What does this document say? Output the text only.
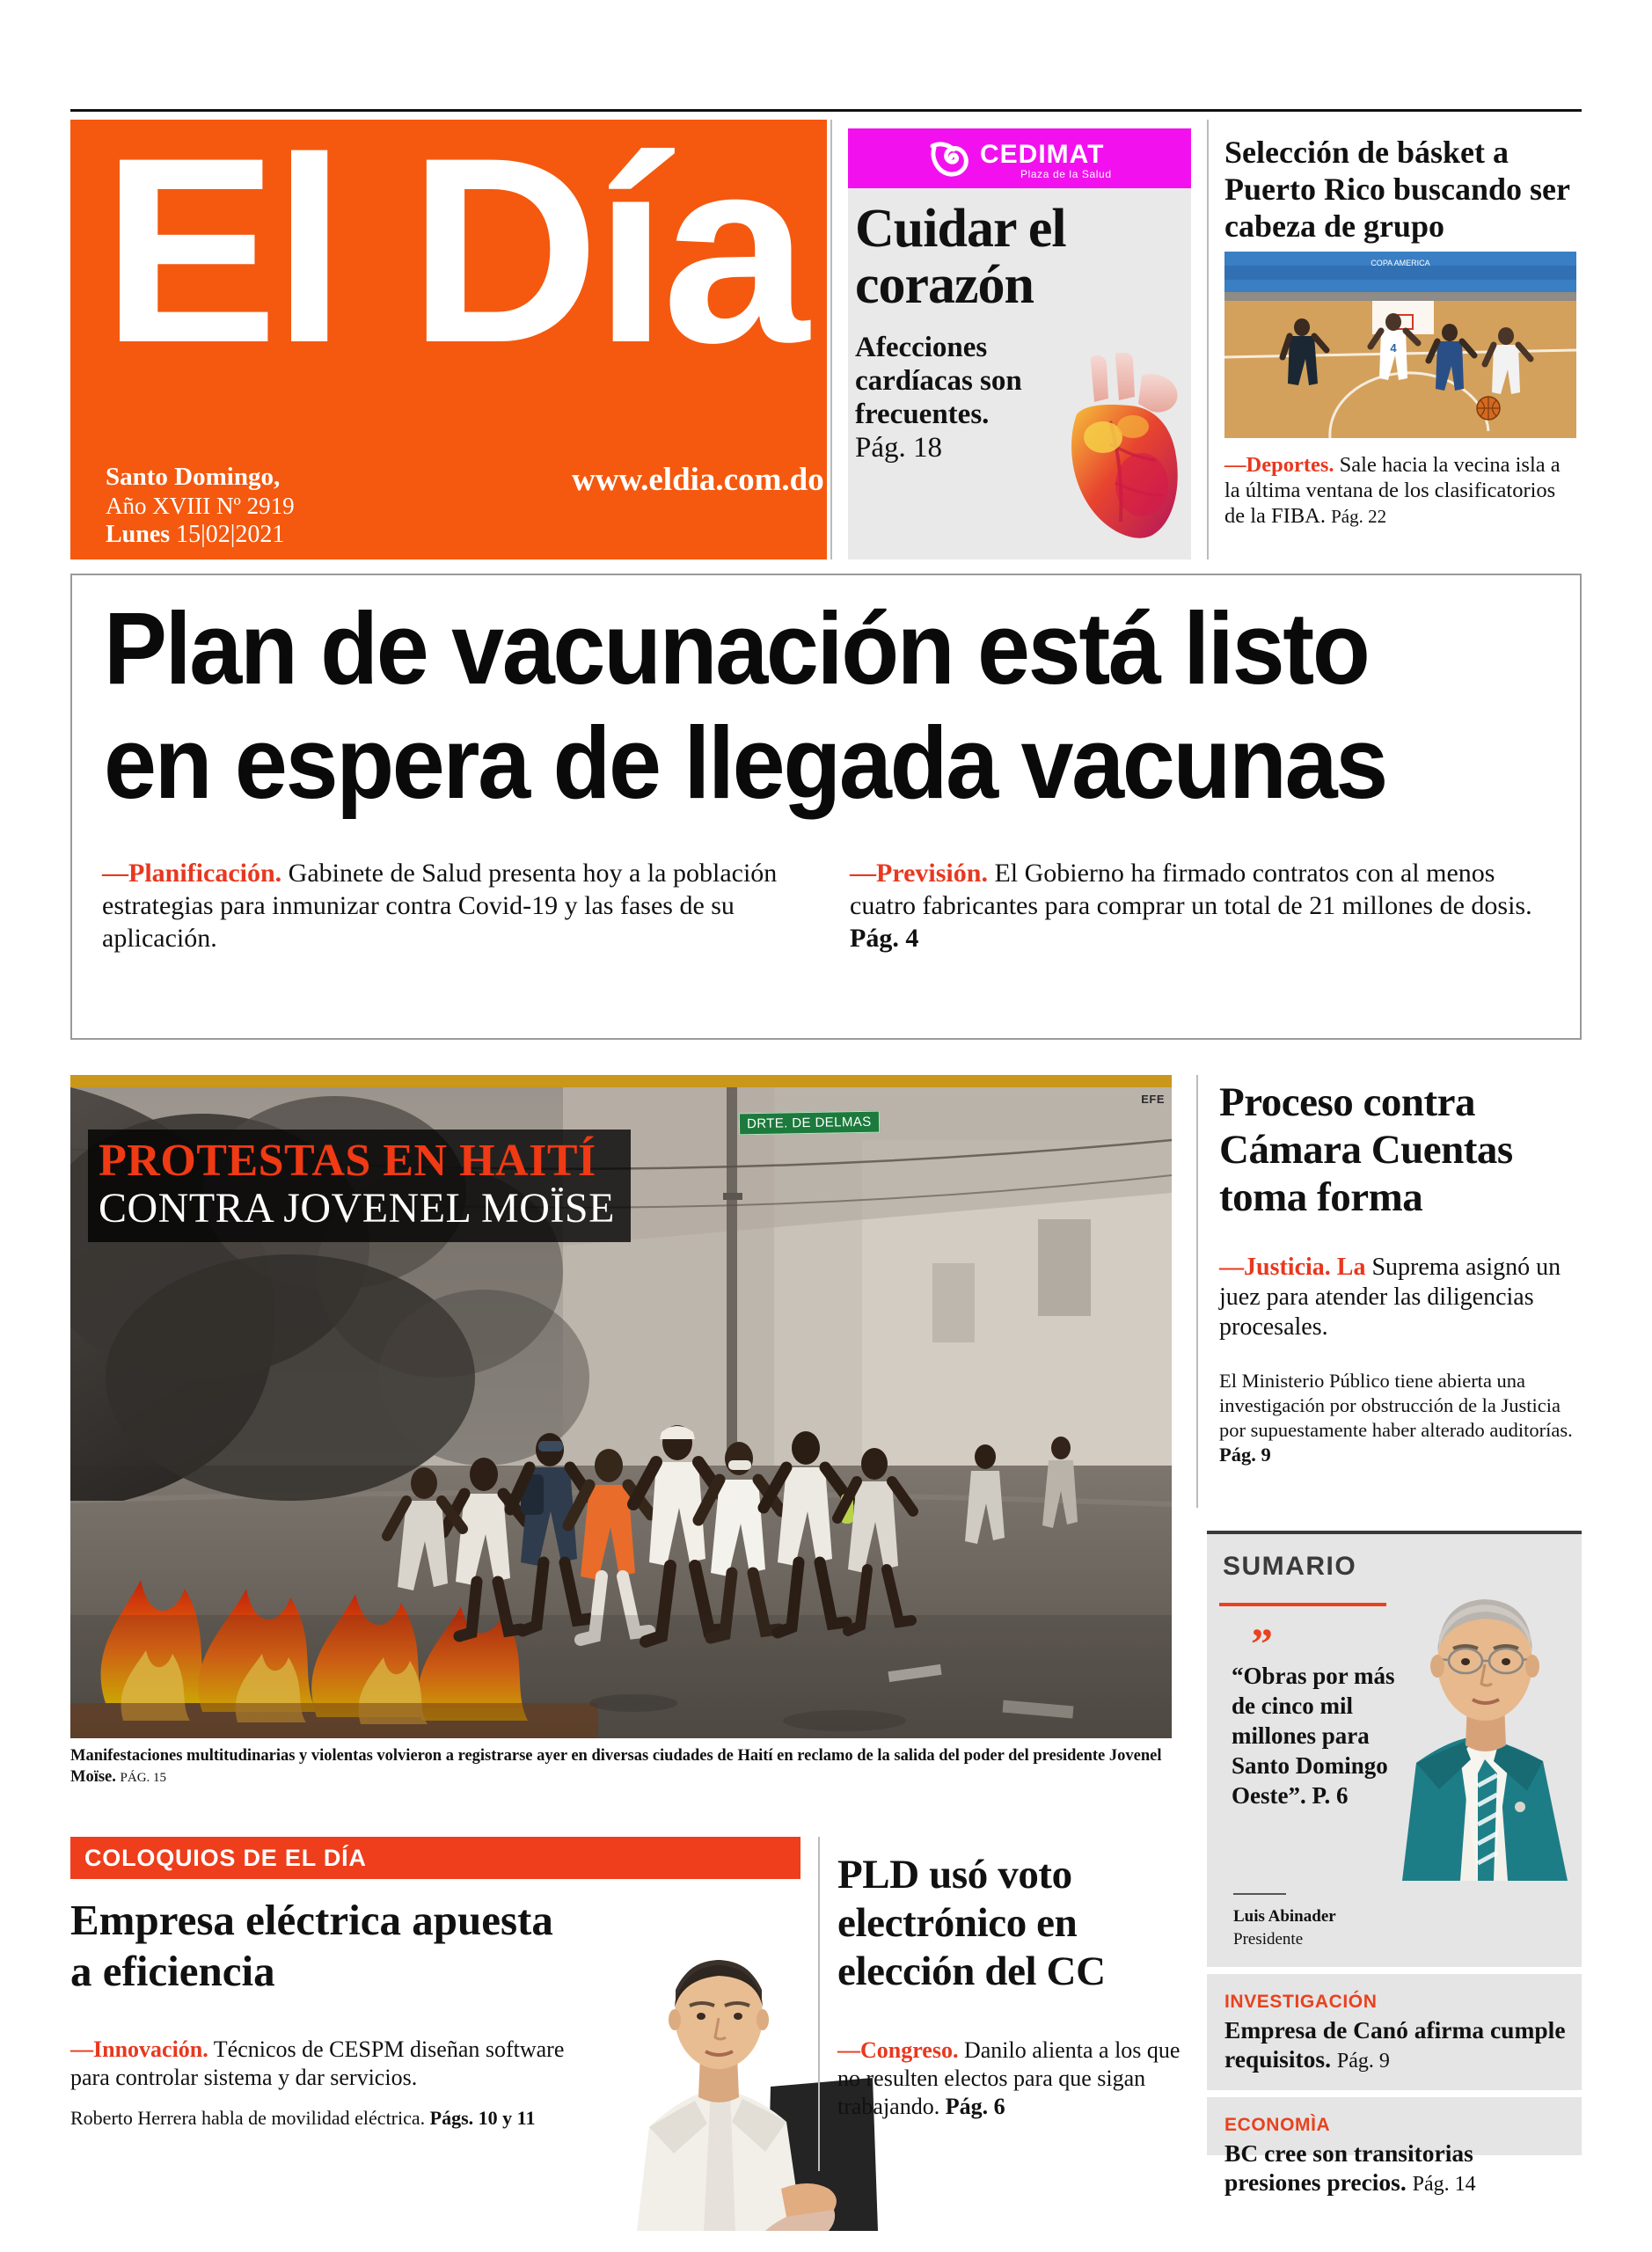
El Día
Santo Domingo,
Año XVIII Nº 2919
Lunes 15|02|2021
www.eldia.com.do
CEDIMAT
Plaza de la Salud
Cuidar el corazón
Afecciones cardíacas son frecuentes.
Pág. 18
Selección de básket a Puerto Rico buscando ser cabeza de grupo
COPA AMERICA
4
—Deportes. Sale hacia la vecina isla a la última ventana de los clasificatorios de la FIBA. Pág. 22
Plan de vacunación está listo
en espera de llegada vacunas
—Planificación. Gabinete de Salud presenta hoy a la población estrategias para inmunizar contra Covid-19 y las fases de su aplicación.
—Previsión. El Gobierno ha firmado contratos con al menos cuatro fabricantes para comprar un total de 21 millones de dosis. Pág. 4
EFE
DRTE. DE DELMAS
PROTESTAS EN HAITÍ
CONTRA JOVENEL MOÏSE
Manifestaciones multitudinarias y violentas volvieron a registrarse ayer en diversas ciudades de Haití en reclamo de la salida del poder del presidente Jovenel Moïse. PÁG. 15
Proceso contra Cámara Cuentas toma forma
—Justicia. La Suprema asignó un juez para atender las diligencias procesales.
El Ministerio Público tiene abierta una investigación por obstrucción de la Justicia por supuestamente haber alterado auditorías. Pág. 9
SUMARIO
”
“Obras por más de cinco mil millones para Santo Domingo Oeste”. P. 6
Luis Abinader
Presidente
INVESTIGACIÓN
Empresa de Canó afirma cumple requisitos. Pág. 9
ECONOMÌA
BC cree son transitorias presiones precios. Pág. 14
COLOQUIOS DE EL DÍA
Empresa eléctrica apuesta a eficiencia
—Innovación. Técnicos de CESPM diseñan software para controlar sistema y dar servicios.
Roberto Herrera habla de movilidad eléctrica. Págs. 10 y 11
PLD usó voto electrónico en elección del CC
—Congreso. Danilo alienta a los que no resulten electos para que sigan trabajando. Pág. 6
